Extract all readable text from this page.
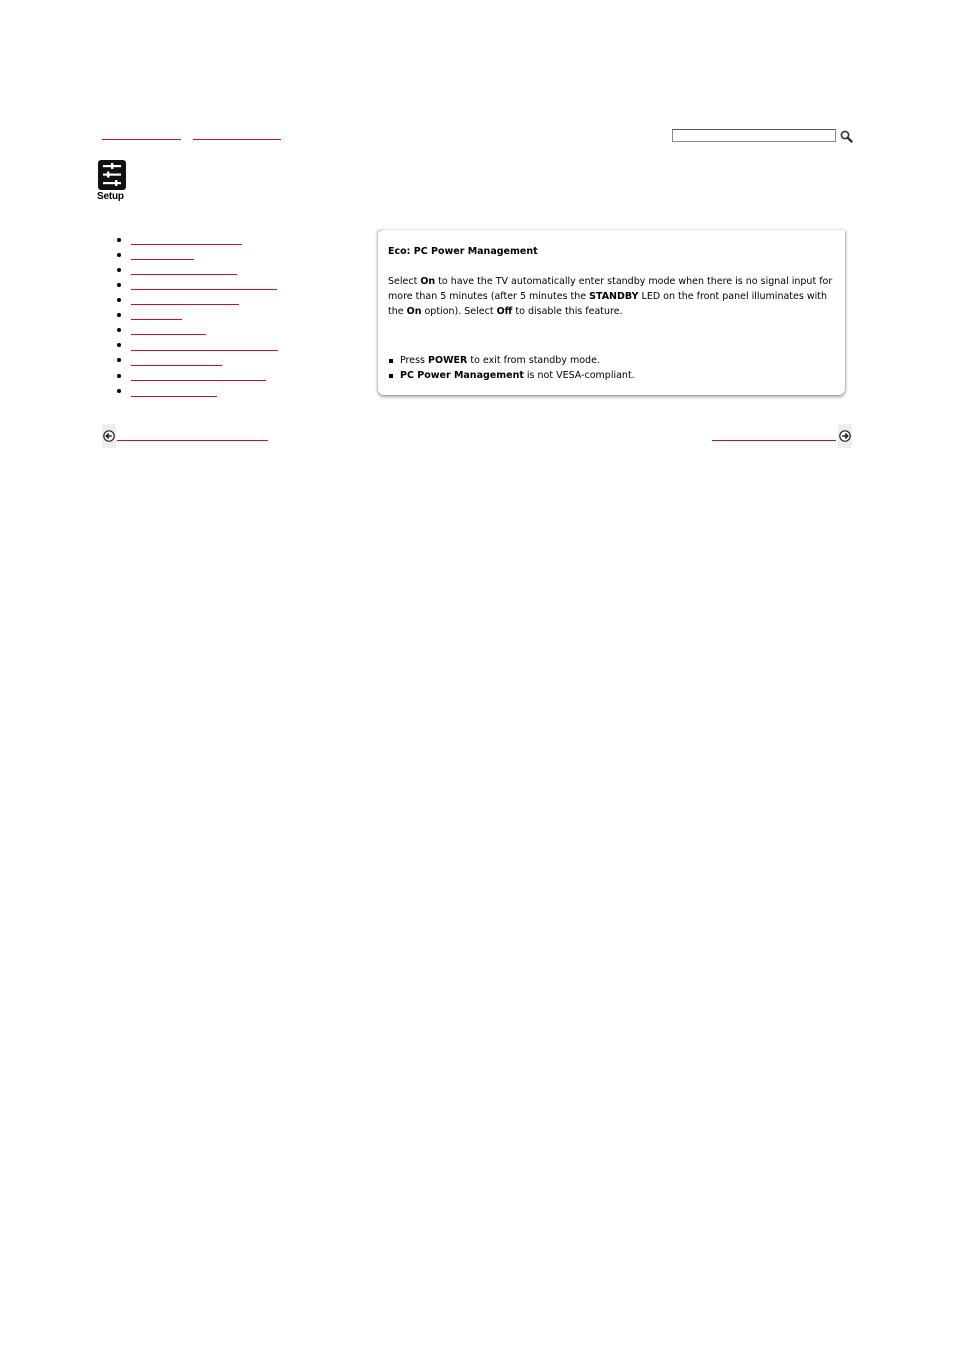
Setup
Eco: PC Power Management
Select On to have the TV automatically enter standby mode when there is no signal input for
more than 5 minutes (after 5 minutes the STANDBY LED on the front panel illuminates with
the On option). Select Off to disable this feature.
Press POWER to exit from standby mode.
PC Power Management is not VESA-compliant.
